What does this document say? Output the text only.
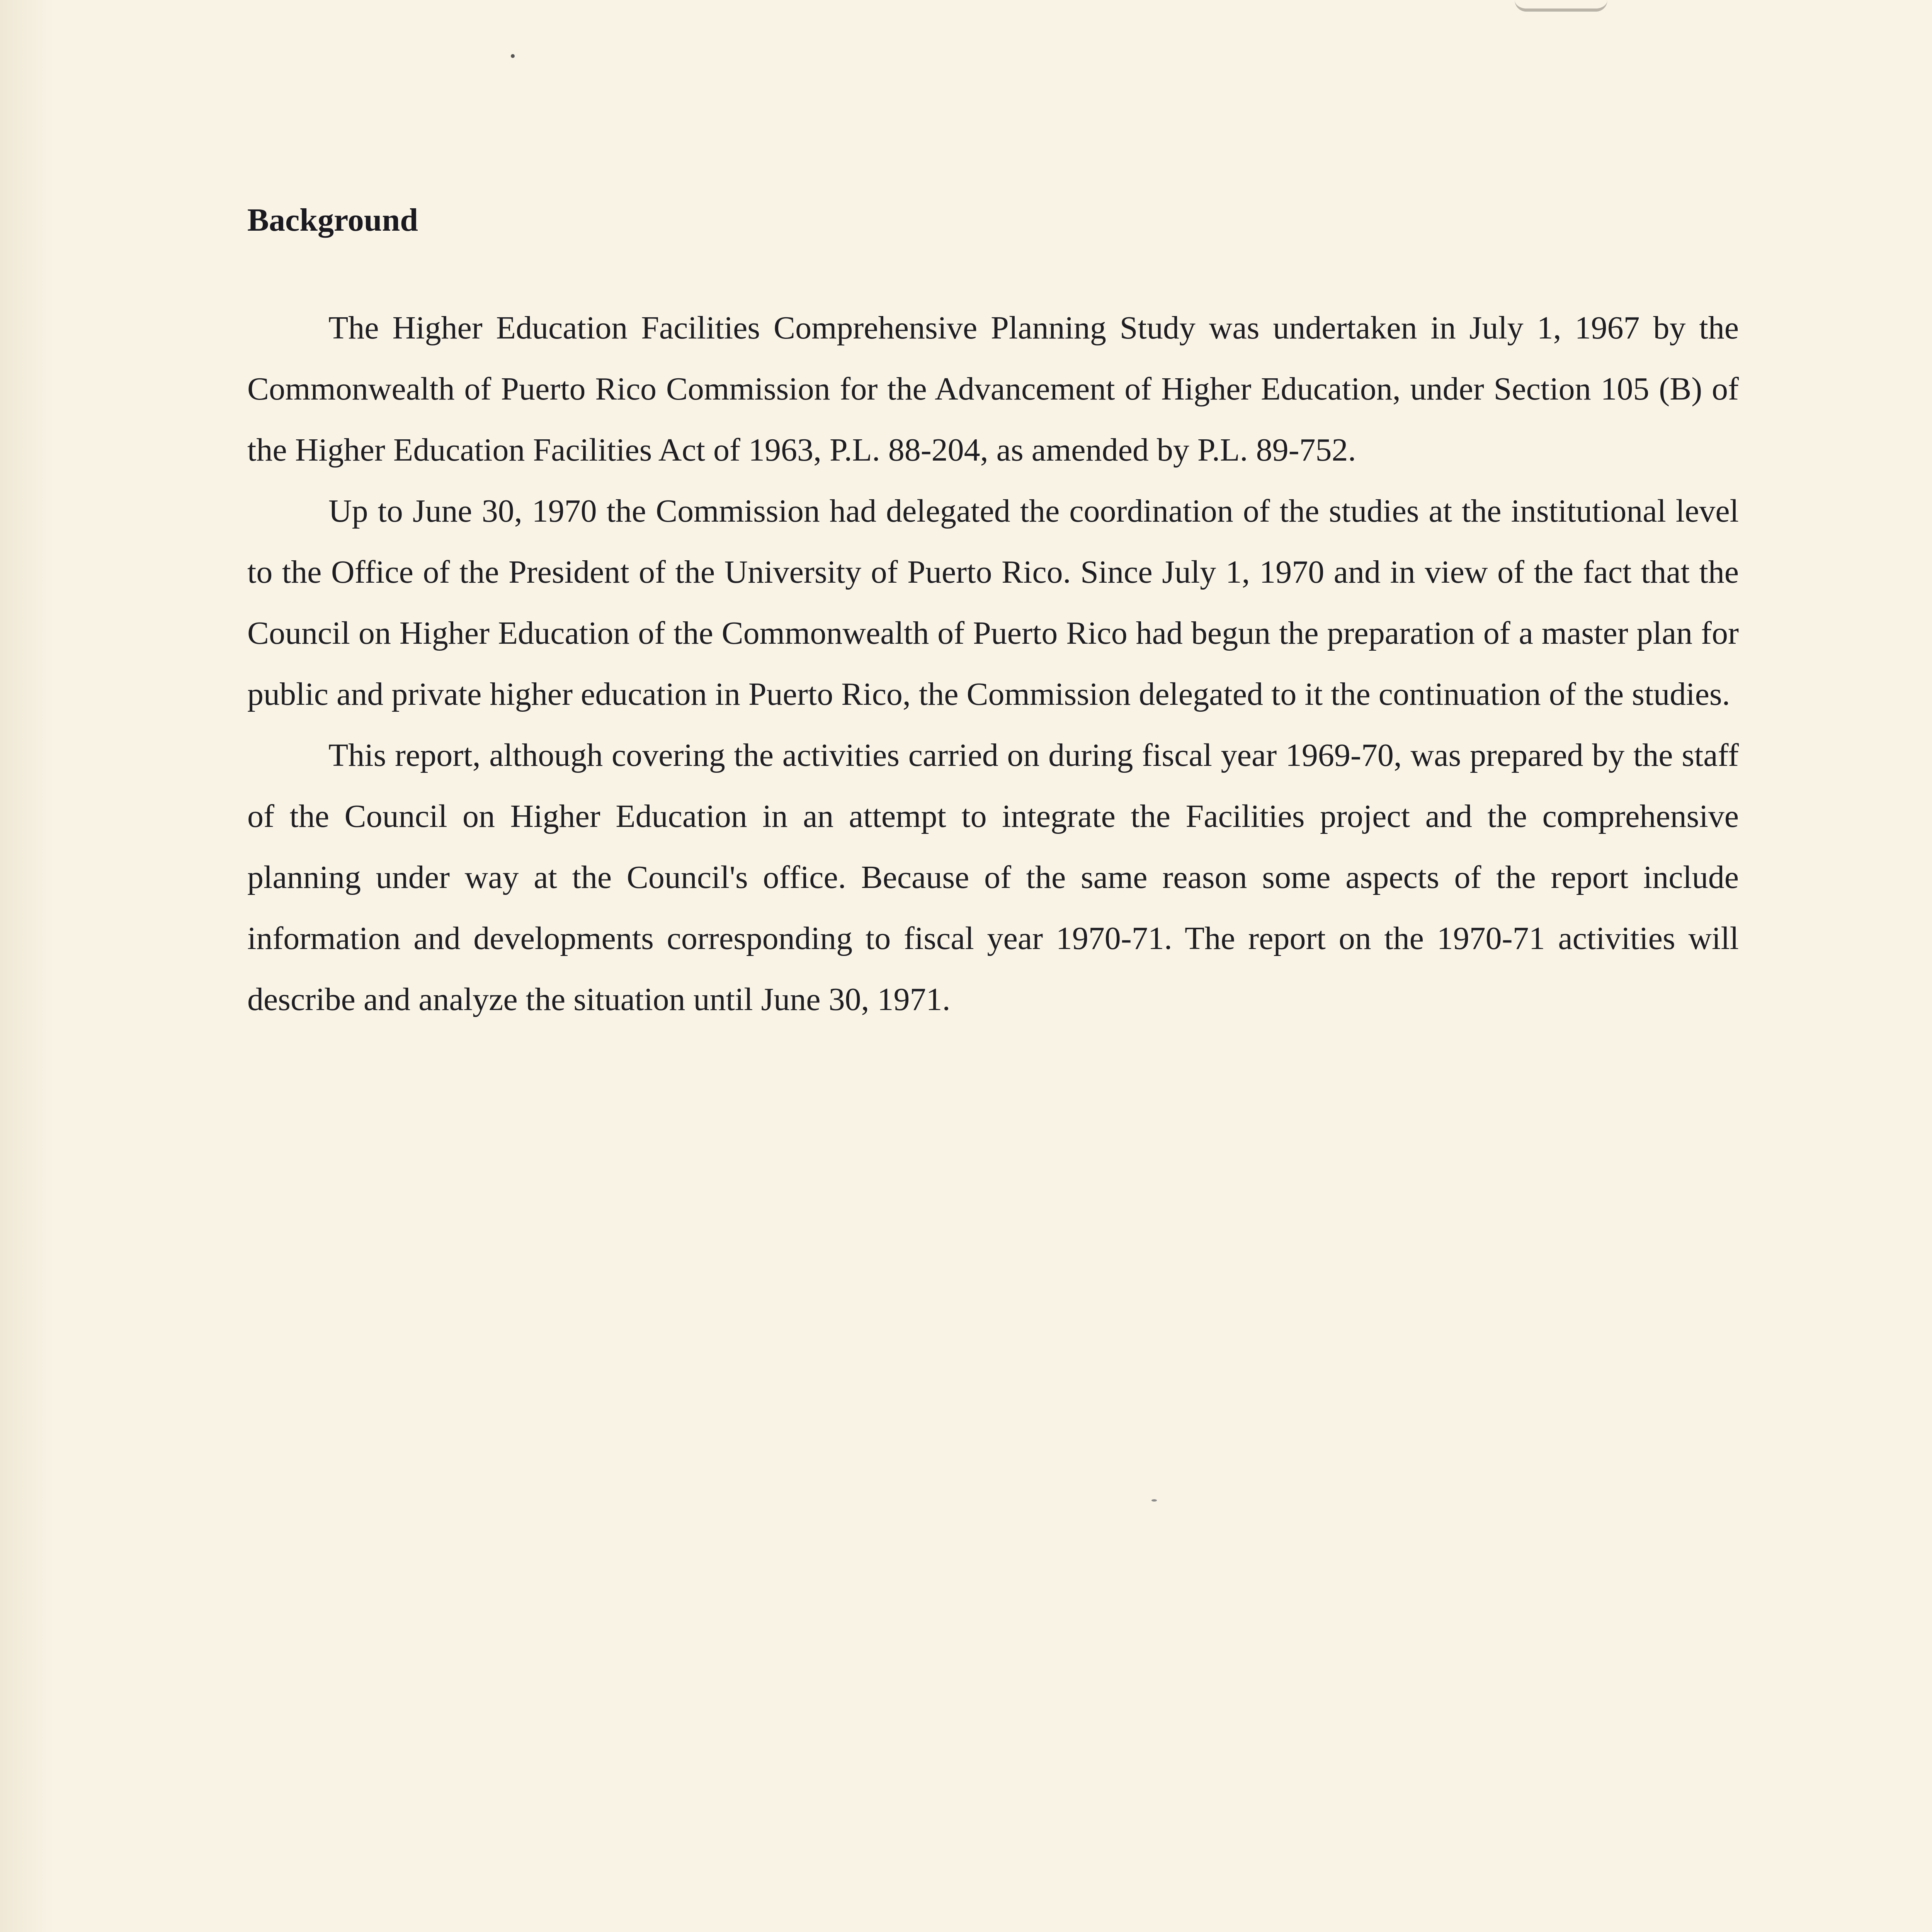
Background

The Higher Education Facilities Comprehensive Planning Study was undertaken in July 1, 1967 by the Commonwealth of Puerto Rico Commission for the Advancement of Higher Education, under Section 105 (B) of the Higher Education Facilities Act of 1963, P.L. 88-204, as amended by P.L. 89-752.

Up to June 30, 1970 the Commission had delegated the coordination of the studies at the institutional level to the Office of the President of the University of Puerto Rico. Since July 1, 1970 and in view of the fact that the Council on Higher Education of the Commonwealth of Puerto Rico had begun the preparation of a master plan for public and private higher education in Puerto Rico, the Commission delegated to it the continuation of the studies.

This report, although covering the activities carried on during fiscal year 1969-70, was prepared by the staff of the Council on Higher Education in an attempt to integrate the Facilities project and the comprehensive planning under way at the Council's office. Because of the same reason some aspects of the report include information and developments corresponding to fiscal year 1970-71. The report on the 1970-71 activities will describe and analyze the situation until June 30, 1971.
